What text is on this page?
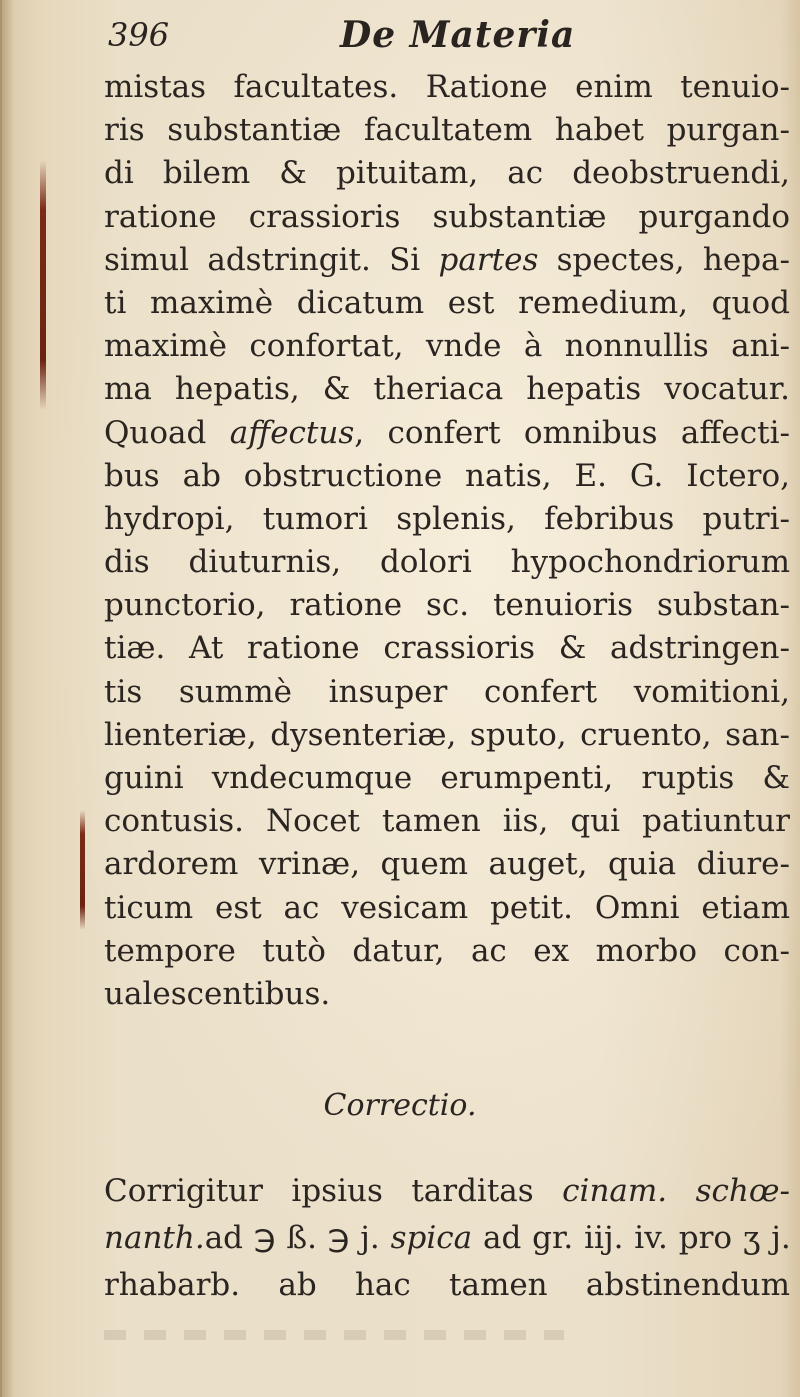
396	De Materia
mistas facultates. Ratione enim tenuio-
ris substantiæ facultatem habet purgan-
di bilem & pituitam, ac deobstruendi,
ratione crassioris substantiæ purgando
simul adstringit. Si partes spectes, hepa-
ti maximè dicatum est remedium, quod
maximè confortat, vnde à nonnullis ani-
ma hepatis, & theriaca hepatis vocatur.
Quoad affectus, confert omnibus affecti-
bus ab obstructione natis, E. G. Ictero,
hydropi, tumori splenis, febribus putri-
dis diuturnis, dolori hypochondriorum
punctorio, ratione sc. tenuioris substan-
tiæ. At ratione crassioris & adstringen-
tis summè insuper confert vomitioni,
lienteriæ, dysenteriæ, sputo, cruento, san-
guini vndecumque erumpenti, ruptis &
contusis. Nocet tamen iis, qui patiuntur
ardorem vrinæ, quem auget, quia diure-
ticum est ac vesicam petit. Omni etiam
tempore tutò datur, ac ex morbo con-
ualescentibus.
Correctio.
Corrigitur ipsius tarditas cinam. schœ-
nanth.ad ℈ ß. ℈ j. spica ad gr. iij. iv. pro ʒ j.
rhabarb. ab hac tamen abstinendum
